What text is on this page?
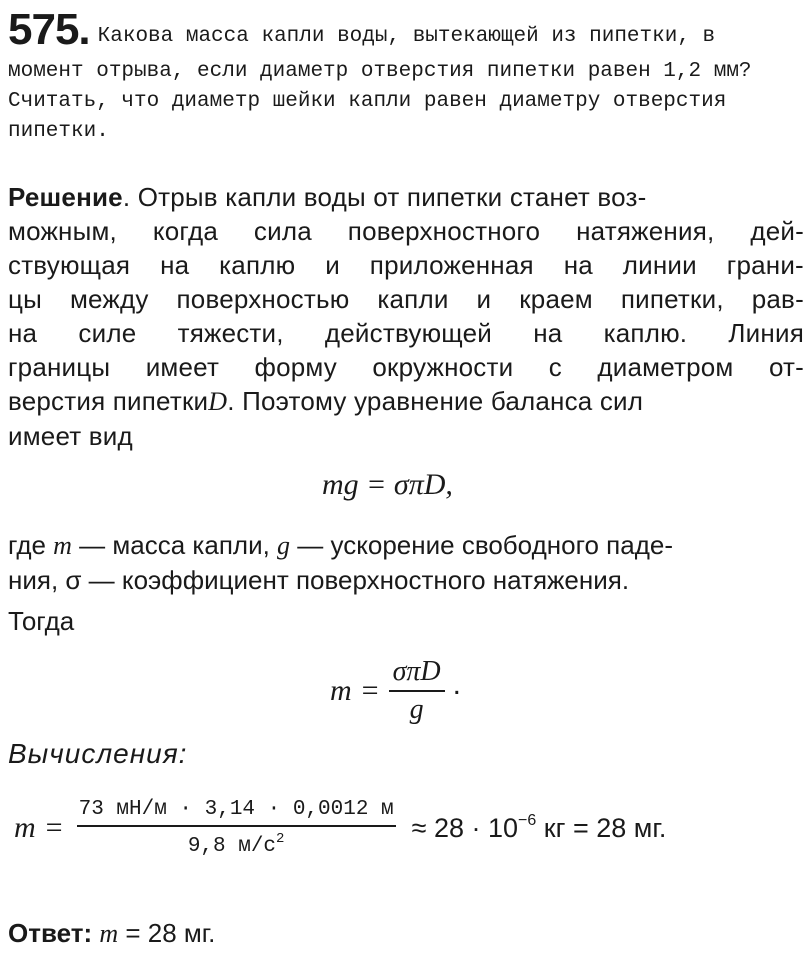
575. Какова масса капли воды, вытекающей из пипетки, в
момент отрыва, если диаметр отверстия пипетки равен 1,2 мм?
Считать, что диаметр шейки капли равен диаметру отверстия
пипетки.
Решение. Отрыв капли воды от пипетки станет воз-
можным, когда сила поверхностного натяжения, дей-
ствующая на каплю и приложенная на линии грани-
цы между поверхностью капли и краем пипетки, рав-
на силе тяжести, действующей на каплю. Линия
границы имеет форму окружности с диаметром от-
верстия пипеткиD. Поэтому уравнение баланса сил
имеет вид
mg = σπD,
где m — масса капли, g — ускорение свободного паде-
ния, σ — коэффициент поверхностного натяжения.
Тогда
$m = \frac{\text{σπD}}{g}$ .
Вычисления:
$m = \frac{73 мН/м \cdot 3,14 \cdot 0,0012 м}{9,8 м/с^2} \approx 28 \cdot 10^{-6}$ кг = 28 мг.
Ответ: m = 28 мг.
